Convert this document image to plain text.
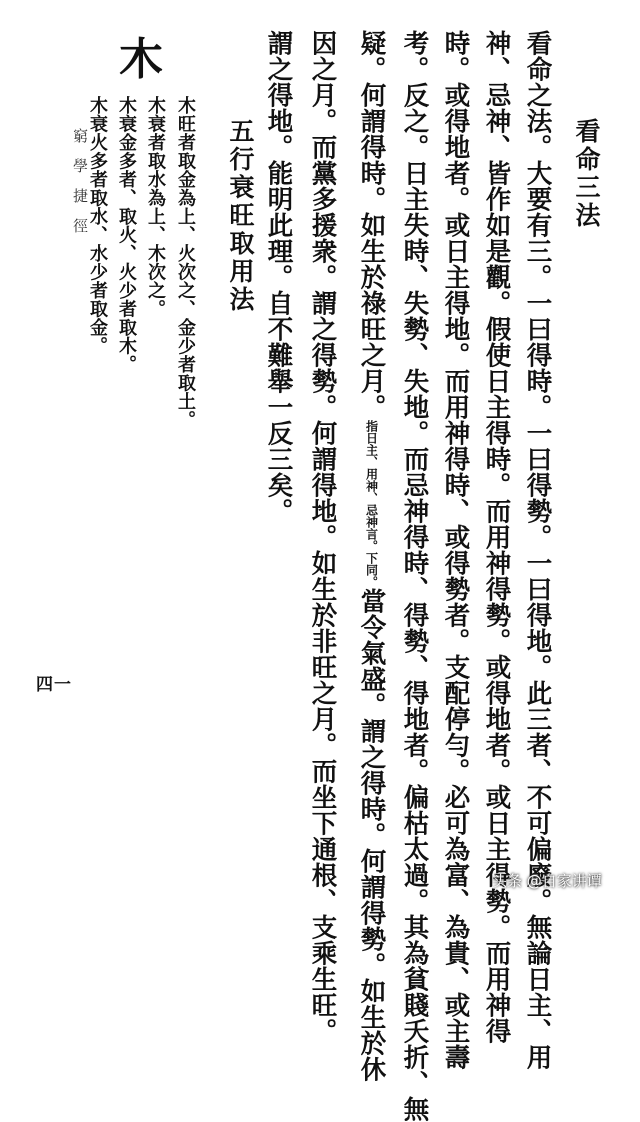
木
窮學捷徑
四一
看命三法
看命之法。大要有三。一曰得時。一曰得勢。一曰得地。此三者、不可偏廢。無論日主、用
神、忌神、皆作如是觀。假使日主得時。而用神得勢。或得地者。或日主得勢。而用神得
時。或得地者。或日主得地。而用神得時、或得勢者。支配停勻。必可為富、為貴、或主壽
考。反之。日主失時、失勢、失地。而忌神得時、得勢、得地者。偏枯太過。其為貧賤夭折、無
疑。何謂得時。如生於祿旺之月。指日主、用神、忌神言。下同。當令氣盛。謂之得時。何謂得勢。如生於休
因之月。而黨多援衆。謂之得勢。何謂得地。如生於非旺之月。而坐下通根、支乘生旺。
謂之得地。能明此理。自不難舉一反三矣。
五行衰旺取用法
木旺者取金為上、火次之、金少者取土。
木衰者取水為上、木次之。
木衰金多者、取火、火少者取木。
木衰火多者取水、水少者取金。
头条 @自家讲谭
